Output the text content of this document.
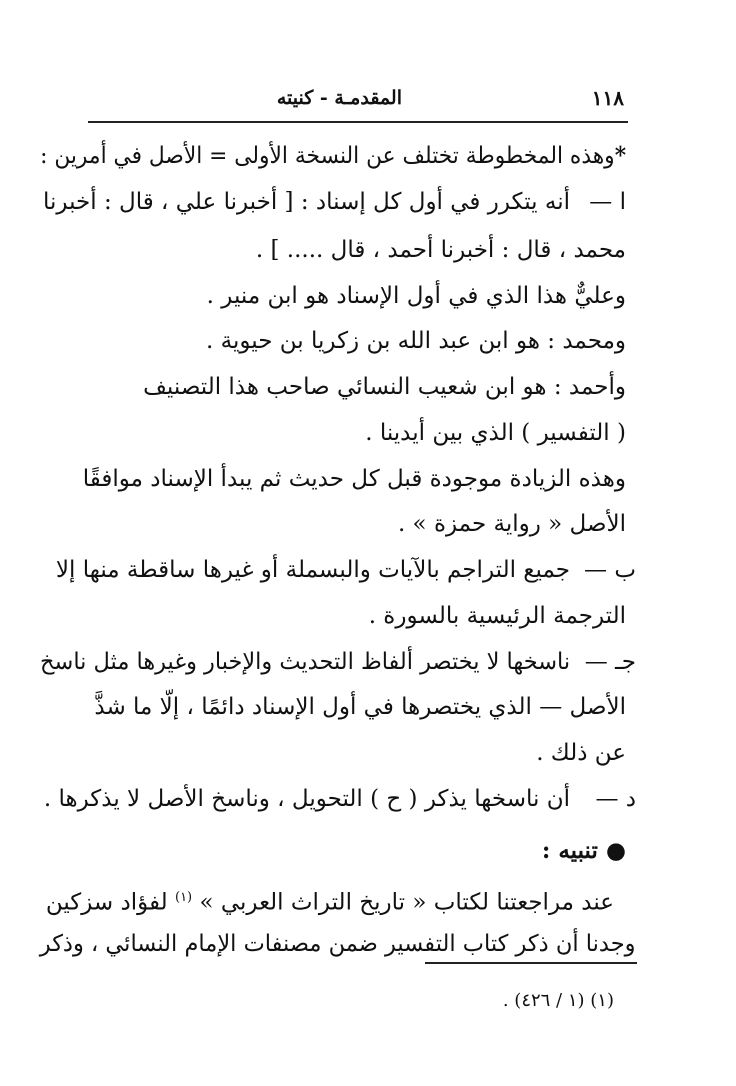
١١٨
المقدمـة - كنيته
*وهذه المخطوطة تختلف عن النسخة الأولى = الأصل في أمرين :
ا —
أنه يتكرر في أول كل إسناد : [ أخبرنا علي ، قال : أخبرنا
محمد ، قال : أخبرنا أحمد ، قال ..... ] .
وعليٌّ هذا الذي في أول الإسناد هو ابن منير .
ومحمد : هو ابن عبد الله بن زكريا بن حيوية .
وأحمد : هو ابن شعيب النسائي صاحب هذا التصنيف
( التفسير ) الذي بين أيدينا .
وهذه الزيادة موجودة قبل كل حديث ثم يبدأ الإسناد موافقًا
الأصل « رواية حمزة » .
ب —
جميع التراجم بالآيات والبسملة أو غيرها ساقطة منها إلا
الترجمة الرئيسية بالسورة .
جـ —
ناسخها لا يختصر ألفاظ التحديث والإخبار وغيرها مثل ناسخ
الأصل — الذي يختصرها في أول الإسناد دائمًا ، إلّا ما شذَّ
عن ذلك .
د —
أن ناسخها يذكر ( ح ) التحويل ، وناسخ الأصل لا يذكرها .
● تنبيه :
عند مراجعتنا لكتاب « تاريخ التراث العربي » $^{(١)}$ لفؤاد سزكين
وجدنا أن ذكر كتاب التفسير ضمن مصنفات الإمام النسائي ، وذكر
(١) (١ / ٤٢٦) .
